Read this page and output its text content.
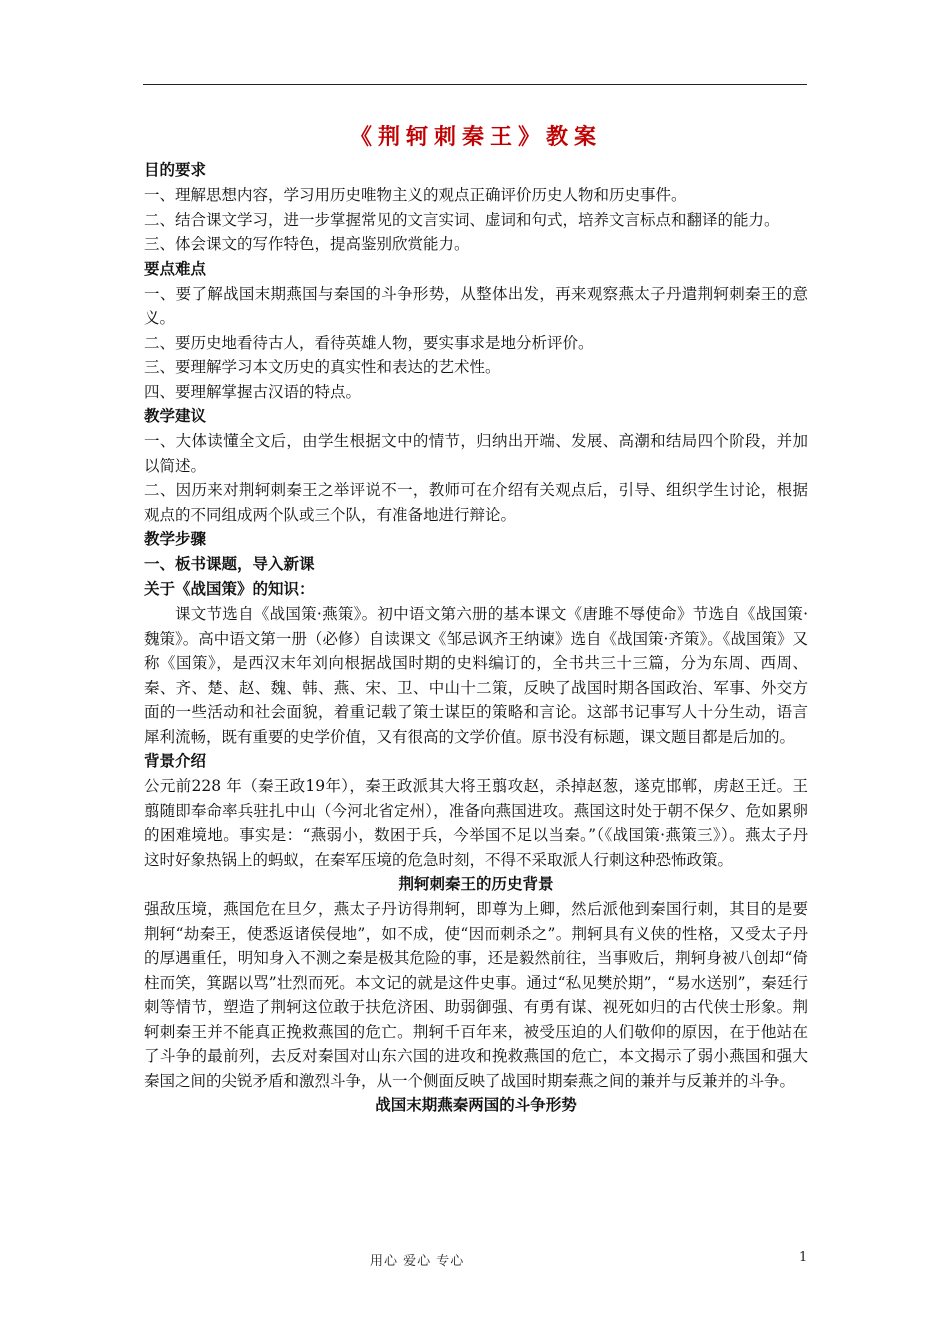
《荆轲刺秦王》教案

目的要求

一、理解思想内容，学习用历史唯物主义的观点正确评价历史人物和历史事件。

二、结合课文学习，进一步掌握常见的文言实词、虚词和句式，培养文言标点和翻译的能力。

三、体会课文的写作特色，提高鉴别欣赏能力。

要点难点

一、要了解战国末期燕国与秦国的斗争形势，从整体出发，再来观察燕太子丹遣荆轲刺秦王的意义。

二、要历史地看待古人，看待英雄人物，要实事求是地分析评价。

三、要理解学习本文历史的真实性和表达的艺术性。

四、要理解掌握古汉语的特点。

教学建议

一、大体读懂全文后，由学生根据文中的情节，归纳出开端、发展、高潮和结局四个阶段，并加以简述。

二、因历来对荆轲刺秦王之举评说不一，教师可在介绍有关观点后，引导、组织学生讨论，根据观点的不同组成两个队或三个队，有准备地进行辩论。

教学步骤

一、板书课题，导入新课

关于《战国策》的知识：

课文节选自《战国策·燕策》。初中语文第六册的基本课文《唐雎不辱使命》节选自《战国策·魏策》。高中语文第一册（必修）自读课文《邹忌讽齐王纳谏》选自《战国策·齐策》。《战国策》又称《国策》，是西汉末年刘向根据战国时期的史料编订的，全书共三十三篇，分为东周、西周、秦、齐、楚、赵、魏、韩、燕、宋、卫、中山十二策，反映了战国时期各国政治、军事、外交方面的一些活动和社会面貌，着重记载了策士谋臣的策略和言论。这部书记事写人十分生动，语言犀利流畅，既有重要的史学价值，又有很高的文学价值。原书没有标题，课文题目都是后加的。

背景介绍

公元前228 年（秦王政19年），秦王政派其大将王翦攻赵，杀掉赵葱，遂克邯郸，虏赵王迁。王翦随即奉命率兵驻扎中山（今河北省定州），准备向燕国进攻。燕国这时处于朝不保夕、危如累卵的困难境地。事实是：“燕弱小，数困于兵，今举国不足以当秦。”（《战国策·燕策三》）。燕太子丹这时好象热锅上的蚂蚁，在秦军压境的危急时刻，不得不采取派人行刺这种恐怖政策。

荆轲刺秦王的历史背景

强敌压境，燕国危在旦夕，燕太子丹访得荆轲，即尊为上卿，然后派他到秦国行刺，其目的是要荆轲“劫秦王，使悉返诸侯侵地”，如不成，使“因而刺杀之”。荆轲具有义侠的性格，又受太子丹的厚遇重任，明知身入不测之秦是极其危险的事，还是毅然前往，当事败后，荆轲身被八创却“倚柱而笑，箕踞以骂”壮烈而死。本文记的就是这件史事。通过“私见樊於期”，“易水送别”，秦廷行刺等情节，塑造了荆轲这位敢于扶危济困、助弱御强、有勇有谋、视死如归的古代侠士形象。荆轲刺秦王并不能真正挽救燕国的危亡。荆轲千百年来，被受压迫的人们敬仰的原因，在于他站在了斗争的最前列，去反对秦国对山东六国的进攻和挽救燕国的危亡，本文揭示了弱小燕国和强大秦国之间的尖锐矛盾和激烈斗争，从一个侧面反映了战国时期秦燕之间的兼并与反兼并的斗争。

战国末期燕秦两国的斗争形势

用心 爱心 专心	1
